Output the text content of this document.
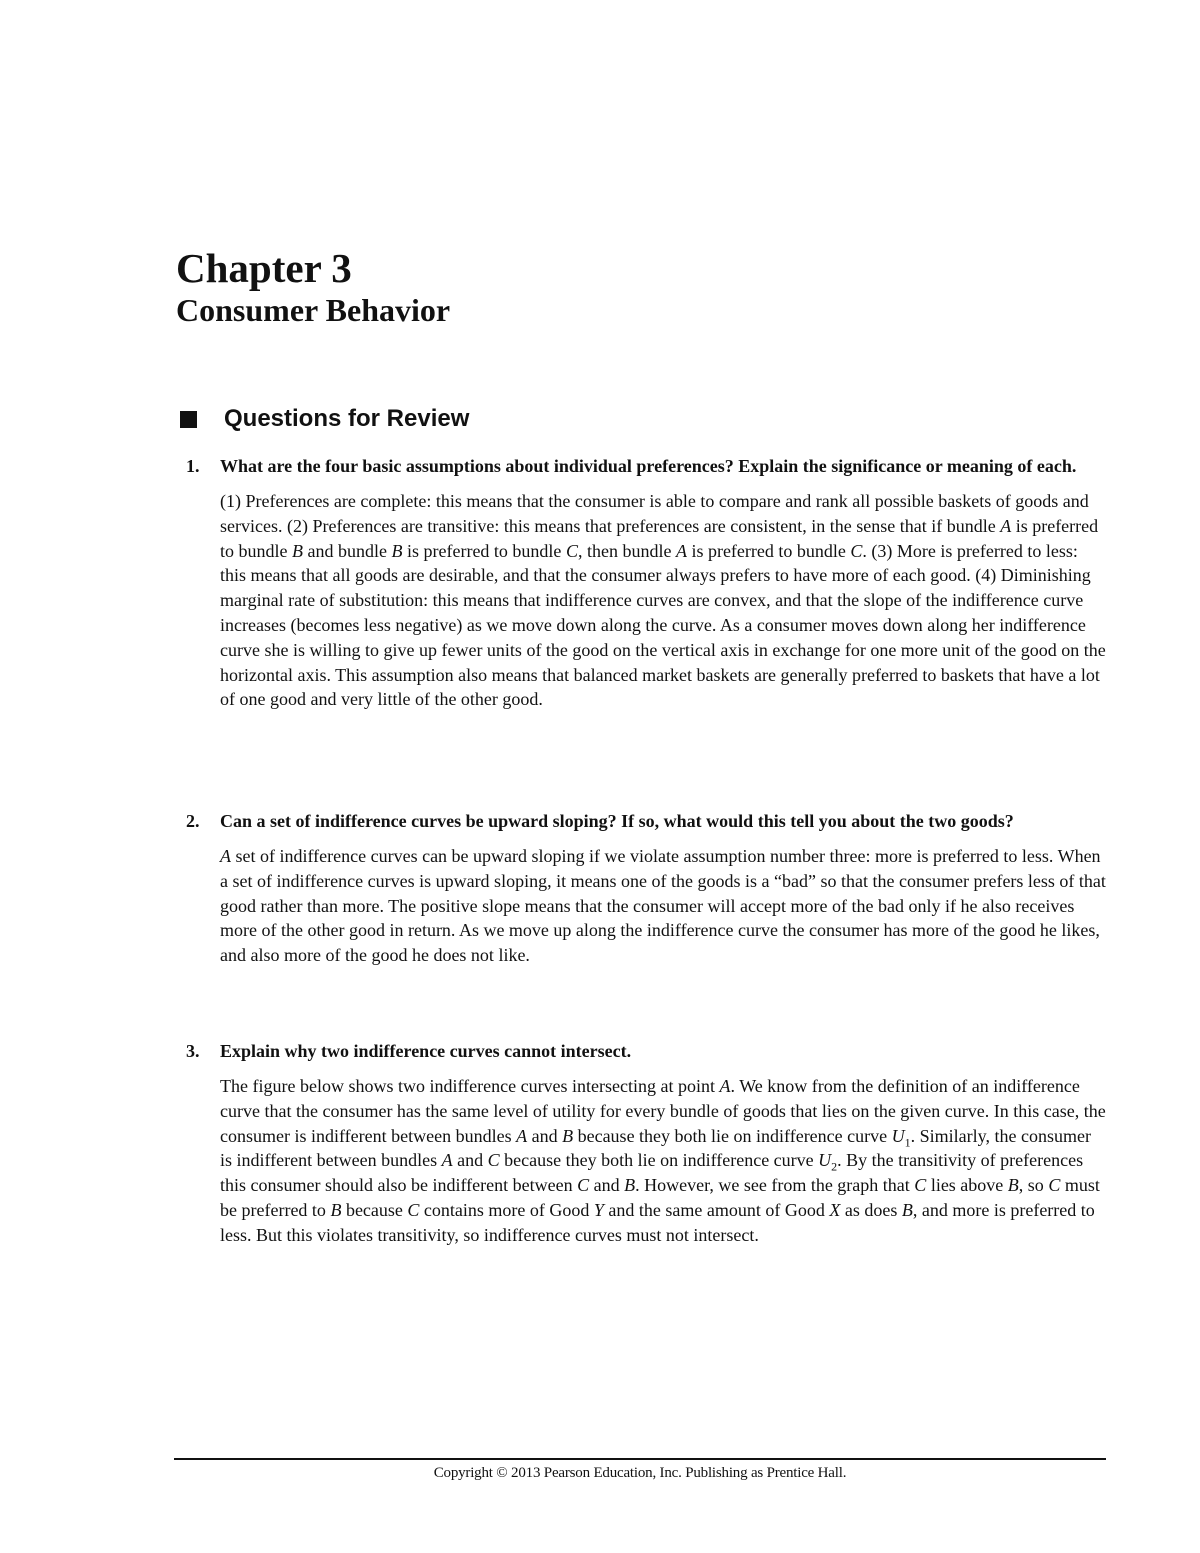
Chapter 3
Consumer Behavior
Questions for Review
1.	What are the four basic assumptions about individual preferences? Explain the significance or meaning of each.

(1) Preferences are complete: this means that the consumer is able to compare and rank all possible baskets of goods and services. (2) Preferences are transitive: this means that preferences are consistent, in the sense that if bundle A is preferred to bundle B and bundle B is preferred to bundle C, then bundle A is preferred to bundle C. (3) More is preferred to less: this means that all goods are desirable, and that the consumer always prefers to have more of each good. (4) Diminishing marginal rate of substitution: this means that indifference curves are convex, and that the slope of the indifference curve increases (becomes less negative) as we move down along the curve. As a consumer moves down along her indifference curve she is willing to give up fewer units of the good on the vertical axis in exchange for one more unit of the good on the horizontal axis. This assumption also means that balanced market baskets are generally preferred to baskets that have a lot of one good and very little of the other good.

2.	Can a set of indifference curves be upward sloping? If so, what would this tell you about the two goods?

A set of indifference curves can be upward sloping if we violate assumption number three: more is preferred to less. When a set of indifference curves is upward sloping, it means one of the goods is a “bad” so that the consumer prefers less of that good rather than more. The positive slope means that the consumer will accept more of the bad only if he also receives more of the other good in return. As we move up along the indifference curve the consumer has more of the good he likes, and also more of the good he does not like.

3.	Explain why two indifference curves cannot intersect.

The figure below shows two indifference curves intersecting at point A. We know from the definition of an indifference curve that the consumer has the same level of utility for every bundle of goods that lies on the given curve. In this case, the consumer is indifferent between bundles A and B because they both lie on indifference curve $U_1$. Similarly, the consumer is indifferent between bundles A and C because they both lie on indifference curve $U_2$. By the transitivity of preferences this consumer should also be indifferent between C and B. However, we see from the graph that C lies above B, so C must be preferred to B because C contains more of Good Y and the same amount of Good X as does B, and more is preferred to less. But this violates transitivity, so indifference curves must not intersect.

Copyright © 2013 Pearson Education, Inc. Publishing as Prentice Hall.
